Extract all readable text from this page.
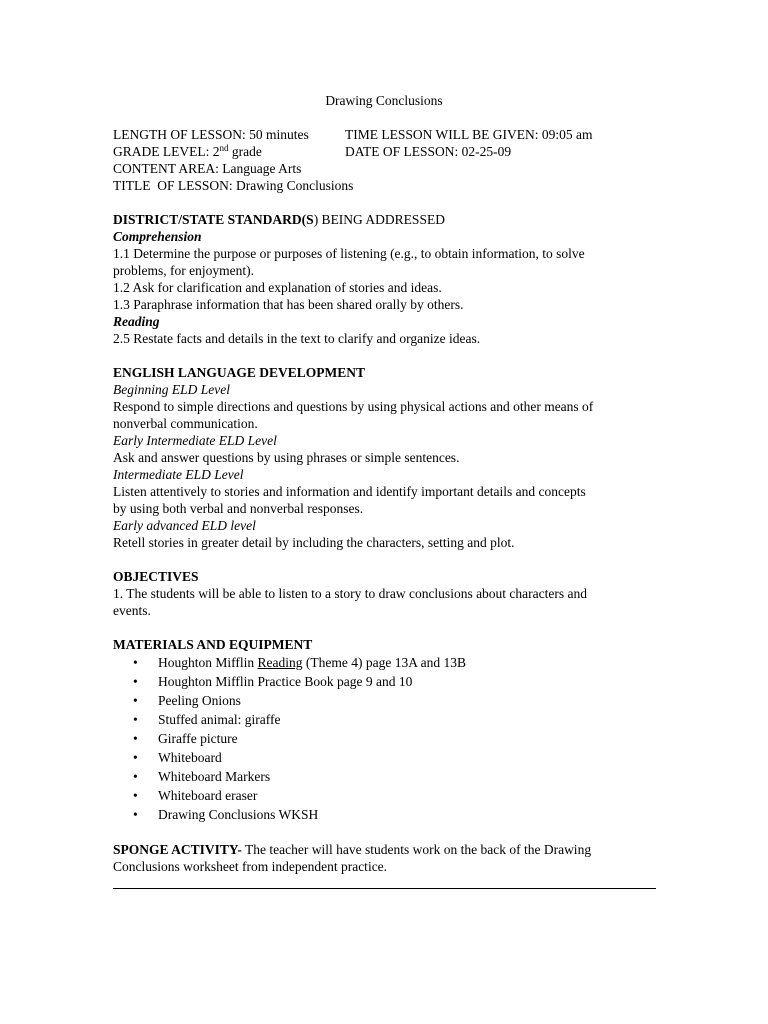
Drawing Conclusions
LENGTH OF LESSON: 50 minutes	TIME LESSON WILL BE GIVEN: 09:05 am
GRADE LEVEL: 2nd grade	DATE OF LESSON: 02-25-09
CONTENT AREA: Language Arts
TITLE  OF LESSON: Drawing Conclusions
DISTRICT/STATE STANDARD(S) BEING ADDRESSED
Comprehension
1.1 Determine the purpose or purposes of listening (e.g., to obtain information, to solve
problems, for enjoyment).
1.2 Ask for clarification and explanation of stories and ideas.
1.3 Paraphrase information that has been shared orally by others.
Reading
2.5 Restate facts and details in the text to clarify and organize ideas.
ENGLISH LANGUAGE DEVELOPMENT
Beginning ELD Level
Respond to simple directions and questions by using physical actions and other means of
nonverbal communication.
Early Intermediate ELD Level
Ask and answer questions by using phrases or simple sentences.
Intermediate ELD Level
Listen attentively to stories and information and identify important details and concepts
by using both verbal and nonverbal responses.
Early advanced ELD level
Retell stories in greater detail by including the characters, setting and plot.
OBJECTIVES
1. The students will be able to listen to a story to draw conclusions about characters and
events.
MATERIALS AND EQUIPMENT
• Houghton Mifflin Reading (Theme 4) page 13A and 13B
• Houghton Mifflin Practice Book page 9 and 10
• Peeling Onions
• Stuffed animal: giraffe
• Giraffe picture
• Whiteboard
• Whiteboard Markers
• Whiteboard eraser
• Drawing Conclusions WKSH
SPONGE ACTIVITY- The teacher will have students work on the back of the Drawing
Conclusions worksheet from independent practice.
